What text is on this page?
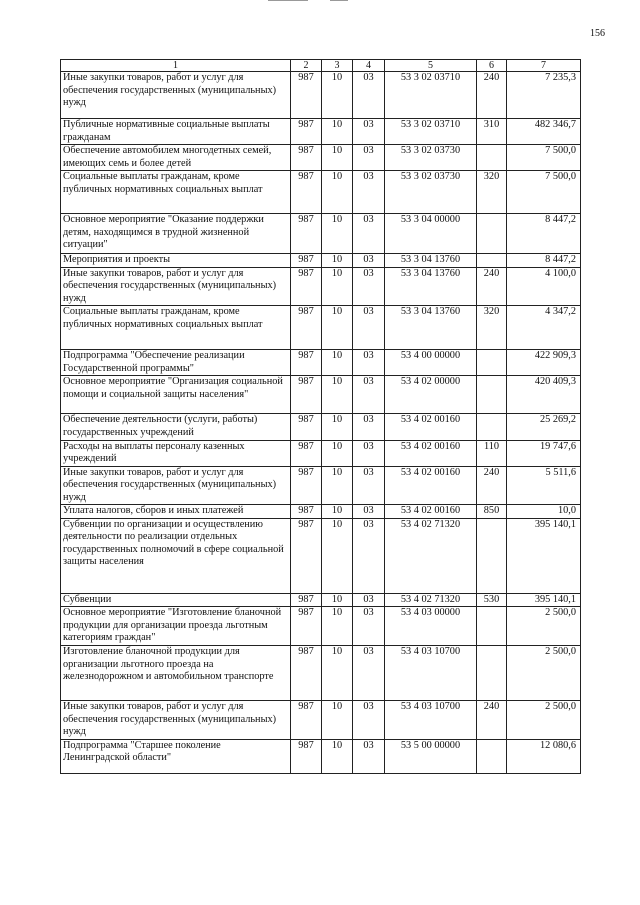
156
1	2	3	4	5	6	7
Иные закупки товаров, работ и услуг для обеспечения государственных (муниципальных) нужд	987	10	03	53 3 02 03710	240	7 235,3
Публичные нормативные социальные выплаты гражданам	987	10	03	53 3 02 03710	310	482 346,7
Обеспечение автомобилем многодетных семей, имеющих семь и более детей	987	10	03	53 3 02 03730		7 500,0
Социальные выплаты гражданам, кроме публичных нормативных социальных выплат	987	10	03	53 3 02 03730	320	7 500,0
Основное мероприятие "Оказание поддержки детям, находящимся в трудной жизненной ситуации"	987	10	03	53 3 04 00000		8 447,2
Мероприятия и проекты	987	10	03	53 3 04 13760		8 447,2
Иные закупки товаров, работ и услуг для обеспечения государственных (муниципальных) нужд	987	10	03	53 3 04 13760	240	4 100,0
Социальные выплаты гражданам, кроме публичных нормативных социальных выплат	987	10	03	53 3 04 13760	320	4 347,2
Подпрограмма "Обеспечение реализации Государственной программы"	987	10	03	53 4 00 00000		422 909,3
Основное мероприятие "Организация социальной помощи и социальной защиты населения"	987	10	03	53 4 02 00000		420 409,3
Обеспечение деятельности (услуги, работы) государственных учреждений	987	10	03	53 4 02 00160		25 269,2
Расходы на выплаты персоналу казенных учреждений	987	10	03	53 4 02 00160	110	19 747,6
Иные закупки товаров, работ и услуг для обеспечения государственных (муниципальных) нужд	987	10	03	53 4 02 00160	240	5 511,6
Уплата налогов, сборов и иных платежей	987	10	03	53 4 02 00160	850	10,0
Субвенции по организации и осуществлению деятельности по реализации отдельных государственных полномочий в сфере социальной защиты населения	987	10	03	53 4 02 71320		395 140,1
Субвенции	987	10	03	53 4 02 71320	530	395 140,1
Основное мероприятие "Изготовление бланочной продукции для организации проезда льготным категориям граждан"	987	10	03	53 4 03 00000		2 500,0
Изготовление бланочной продукции для организации льготного проезда на железнодорожном и автомобильном транспорте	987	10	03	53 4 03 10700		2 500,0
Иные закупки товаров, работ и услуг для обеспечения государственных (муниципальных) нужд	987	10	03	53 4 03 10700	240	2 500,0
Подпрограмма "Старшее поколение Ленинградской области"	987	10	03	53 5 00 00000		12 080,6
